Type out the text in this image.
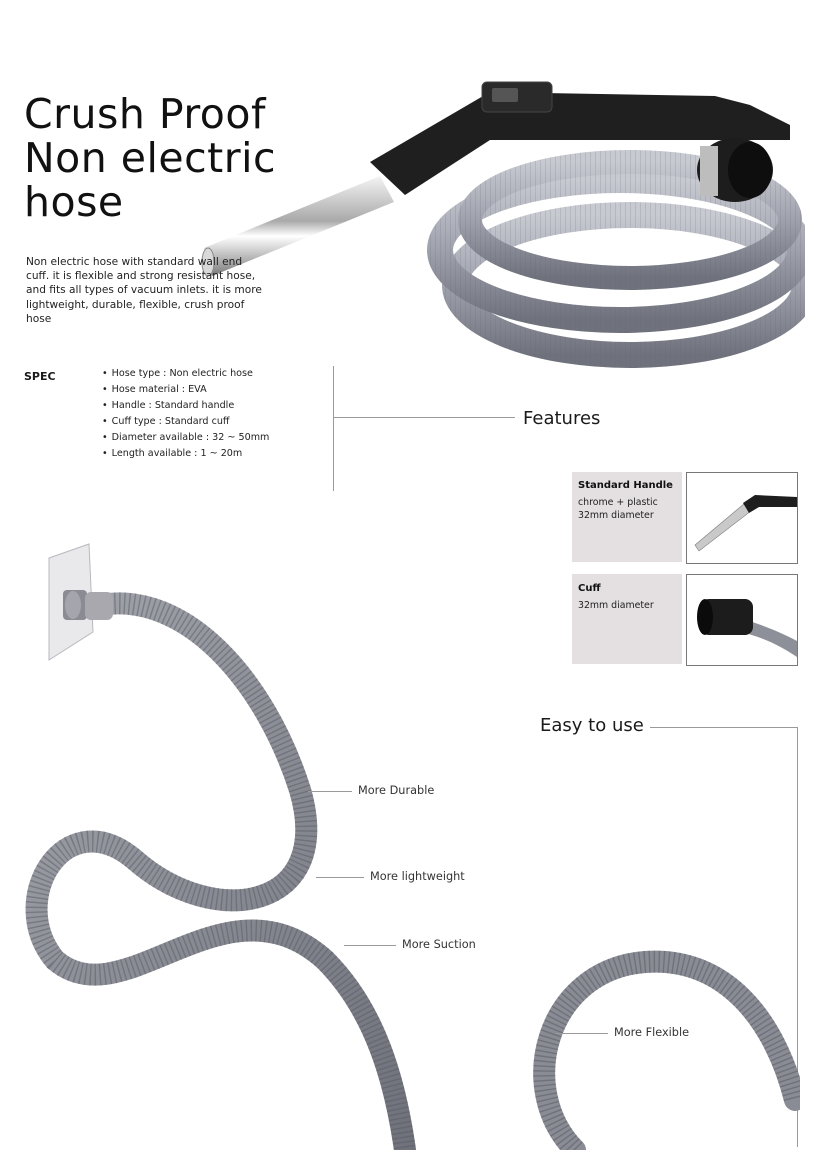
Crush Proof
Non electric
hose
Non electric hose with standard wall end cuff. it is flexible and strong resistant hose, and fits all types of vacuum inlets. it is more lightweight, durable, flexible, crush proof hose
SPEC
•	Hose type : Non electric hose
• Hose material : EVA
• Handle : Standard handle
• Cuff type : Standard cuff
• Diameter available : 32 ~ 50mm
• Length available : 1 ~ 20m
Features
Standard Handle
chrome + plastic
32mm diameter
Cuff
32mm diameter
Easy to use
More Durable
More lightweight
More Suction
More Flexible
